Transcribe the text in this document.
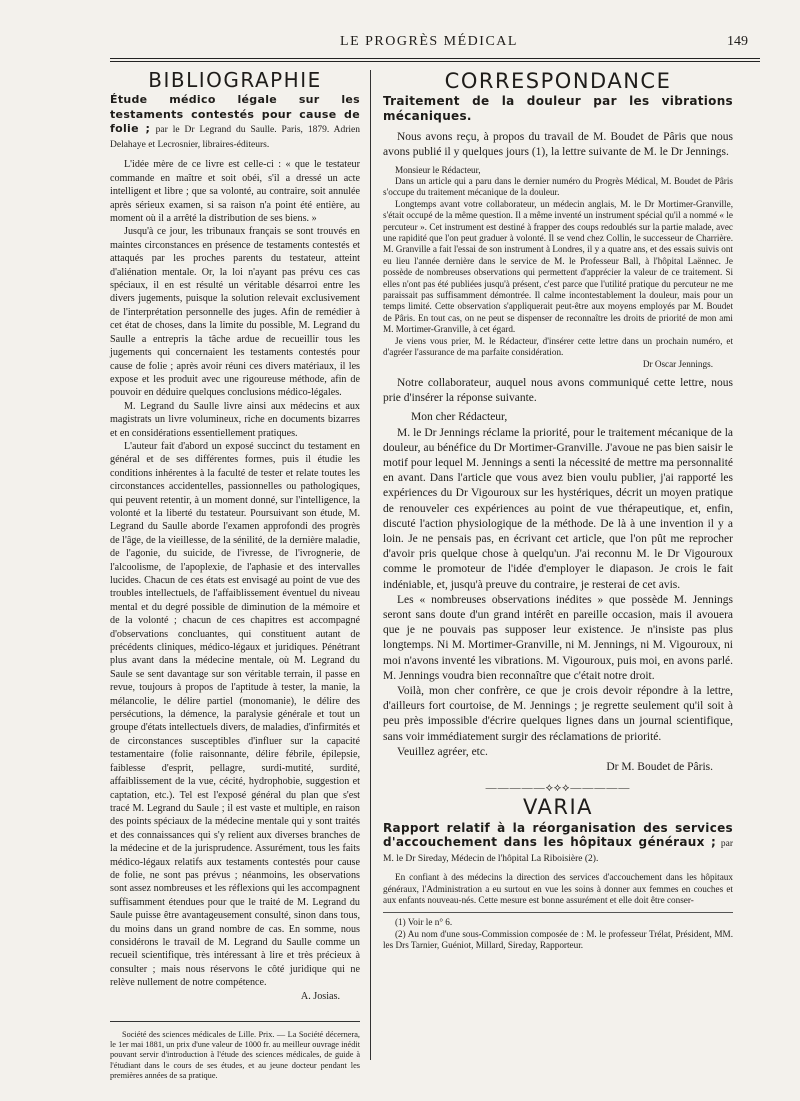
LE PROGRÈS MÉDICAL	149
BIBLIOGRAPHIE
Étude médico légale sur les testaments contestés pour cause de folie ; par le Dr Legrand du Saulle. Paris, 1879. Adrien Delahaye et Lecrosnier, libraires-éditeurs.

L'idée mère de ce livre est celle-ci : « que le testateur commande en maître et soit obéi, s'il a dressé un acte intelligent et libre ; que sa volonté, au contraire, soit annulée après sérieux examen, si sa raison n'a point été entière, au moment où il a arrêté la distribution de ses biens. »

Jusqu'à ce jour, les tribunaux français se sont trouvés en maintes circonstances en présence de testaments contestés et attaqués par les proches parents du testateur, atteint d'aliénation mentale. Or, la loi n'ayant pas prévu ces cas spéciaux, il en est résulté un véritable désarroi entre les divers jugements, puisque la solution relevait exclusivement de l'interprétation personnelle des juges. Afin de remédier à cet état de choses, dans la limite du possible, M. Legrand du Saulle a entrepris la tâche ardue de recueillir tous les jugements qui concernaient les testaments contestés pour cause de folie ; après avoir réuni ces divers matériaux, il les expose et les produit avec une rigoureuse méthode, afin de pouvoir en déduire quelques conclusions médico-légales.

M. Legrand du Saulle livre ainsi aux médecins et aux magistrats un livre volumineux, riche en documents bizarres et en considérations essentiellement pratiques.

L'auteur fait d'abord un exposé succinct du testament en général et de ses différentes formes, puis il étudie les conditions inhérentes à la faculté de tester et relate toutes les circonstances accidentelles, passionnelles ou pathologiques, qui peuvent retentir, à un moment donné, sur l'intelligence, la volonté et la liberté du testateur. Poursuivant son étude, M. Legrand du Saulle aborde l'examen approfondi des progrès de l'âge, de la vieillesse, de la sénilité, de la dernière maladie, de l'agonie, du suicide, de l'ivresse, de l'ivrognerie, de l'alcoolisme, de l'apoplexie, de l'aphasie et des intervalles lucides. Chacun de ces états est envisagé au point de vue des troubles intellectuels, de l'affaiblissement éventuel du niveau mental et du degré possible de diminution de la mémoire et de la volonté ; chacun de ces chapitres est accompagné d'observations concluantes, qui constituent autant de précédents cliniques, médico-légaux et juridiques. Pénétrant plus avant dans la médecine mentale, où M. Legrand du Saule se sent davantage sur son véritable terrain, il passe en revue, toujours à propos de l'aptitude à tester, la manie, la mélancolie, le délire partiel (monomanie), le délire des persécutions, la démence, la paralysie générale et tout un groupe d'états intellectuels divers, de maladies, d'infirmités et de circonstances susceptibles d'influer sur la capacité testamentaire (folie raisonnante, délire fébrile, épilepsie, faiblesse d'esprit, pellagre, surdi-mutité, surdité, affaiblissement de la vue, cécité, hydrophobie, suggestion et captation, etc.). Tel est l'exposé général du plan que s'est tracé M. Legrand du Saule ; il est vaste et multiple, en raison des points spéciaux de la médecine mentale qui y sont traités et des connaissances qui s'y relient aux diverses branches de la médecine et de la jurisprudence. Assurément, tous les faits médico-légaux relatifs aux testaments contestés pour cause de folie, ne sont pas prévus ; néanmoins, les observations sont assez nombreuses et les réflexions qui les accompagnent suffisamment étendues pour que le traité de M. Legrand du Saule puisse être avantageusement consulté, sinon dans tous, du moins dans un grand nombre de cas. En somme, nous considérons le travail de M. Legrand du Saulle comme un recueil scientifique, très intéressant à lire et très précieux à consulter ; mais nous réservons le côté juridique qui ne relève nullement de notre compétence.

A. Josias.

Société des sciences médicales de Lille. Prix. — La Société décernera, le 1er mai 1881, un prix d'une valeur de 1000 fr. au meilleur ouvrage inédit pouvant servir d'introduction à l'étude des sciences médicales, de guide à l'étudiant dans le cours de ses études, et au jeune docteur pendant les premières années de sa pratique.

CORRESPONDANCE
Traitement de la douleur par les vibrations mécaniques.

Nous avons reçu, à propos du travail de M. Boudet de Pâris que nous avons publié il y quelques jours (1), la lettre suivante de M. le Dr Jennings.

Monsieur le Rédacteur,

Dans un article qui a paru dans le dernier numéro du Progrès Médical, M. Boudet de Pâris s'occupe du traitement mécanique de la douleur.

Longtemps avant votre collaborateur, un médecin anglais, M. le Dr Mortimer-Granville, s'était occupé de la même question. Il a même inventé un instrument spécial qu'il a nommé « le percuteur ». Cet instrument est destiné à frapper des coups redoublés sur la partie malade, avec une rapidité que l'on peut graduer à volonté. Il se vend chez Collin, le successeur de Charrière. M. Granville a fait l'essai de son instrument à Londres, il y a quatre ans, et des essais suivis ont eu lieu l'année dernière dans le service de M. le Professeur Ball, à l'hôpital Laënnec. Je possède de nombreuses observations qui permettent d'apprécier la valeur de ce traitement. Si elles n'ont pas été publiées jusqu'à présent, c'est parce que l'utilité pratique du percuteur ne me paraissait pas suffisamment démontrée. Il calme incontestablement la douleur, mais pour un temps limité. Cette observation s'appliquerait peut-être aux moyens employés par M. Boudet de Pâris. En tout cas, on ne peut se dispenser de reconnaître les droits de priorité de mon ami M. Mortimer-Granville, à cet égard.

Je viens vous prier, M. le Rédacteur, d'insérer cette lettre dans un prochain numéro, et d'agréer l'assurance de ma parfaite considération.

Dr Oscar Jennings.

Notre collaborateur, auquel nous avons communiqué cette lettre, nous prie d'insérer la réponse suivante.

Mon cher Rédacteur,

M. le Dr Jennings réclame la priorité, pour le traitement mécanique de la douleur, au bénéfice du Dr Mortimer-Granville. J'avoue ne pas bien saisir le motif pour lequel M. Jennings a senti la nécessité de mettre ma personnalité en avant. Dans l'article que vous avez bien voulu publier, j'ai rapporté les expériences du Dr Vigouroux sur les hystériques, décrit un moyen pratique de renouveler ces expériences au point de vue thérapeutique, et, enfin, discuté l'action physiologique de la méthode. De là à une invention il y a loin. Je ne pensais pas, en écrivant cet article, que l'on pût me reprocher d'avoir pris quelque chose à quelqu'un. J'ai reconnu M. le Dr Vigouroux comme le promoteur de l'idée d'employer le diapason. Je crois le fait indéniable, et, jusqu'à preuve du contraire, je resterai de cet avis.

Les « nombreuses observations inédites » que possède M. Jennings seront sans doute d'un grand intérêt en pareille occasion, mais il avouera que je ne pouvais pas supposer leur existence. Je n'insiste pas plus longtemps. Ni M. Mortimer-Granville, ni M. Jennings, ni M. Vigouroux, ni moi n'avons inventé les vibrations. M. Vigouroux, puis moi, en avons parlé. M. Jennings voudra bien reconnaître que c'était notre droit.

Voilà, mon cher confrère, ce que je crois devoir répondre à la lettre, d'ailleurs fort courtoise, de M. Jennings ; je regrette seulement qu'il soit à peu près impossible d'écrire quelques lignes dans un journal scientifique, sans voir immédiatement surgir des réclamations de priorité.

Veuillez agréer, etc.

Dr M. Boudet de Pâris.
—————⟡⟡⟡—————
VARIA
Rapport relatif à la réorganisation des services d'accouchement dans les hôpitaux généraux ; par M. le Dr Sireday, Médecin de l'hôpital La Riboisière (2).

En confiant à des médecins la direction des services d'accouchement dans les hôpitaux généraux, l'Administration a eu surtout en vue les soins à donner aux femmes en couches et aux enfants nouveau-nés. Cette mesure est bonne assurément et elle doit être conser-

(1) Voir le n° 6.

(2) Au nom d'une sous-Commission composée de : M. le professeur Trélat, Président, MM. les Drs Tarnier, Guéniot, Millard, Sireday, Rapporteur.
